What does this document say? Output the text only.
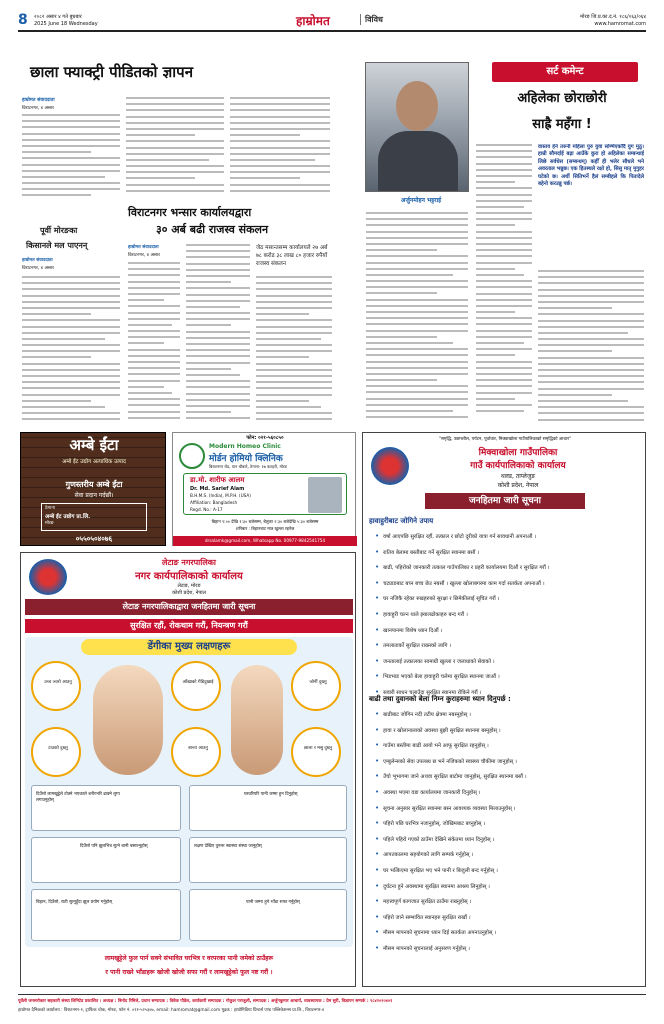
8 २०८२ असार ४ गते बुधबार
2025 June 18 Wednesday	हाम्रोमत	विविध	मोरङ जि.प्र.का.द.नं. १८६/०६३/०६४
www.hamromat.com
छाला फ्याक्ट्री पीडितको ज्ञापन
हाम्रोमत संवाददाता
विराटनगर, ४ असार
पूर्वी मोरङका
किसानले मल पाएनन्
हाम्रोमत संवाददाता
विराटनगर, ४ असार
विराटनगर भन्सार कार्यालयद्वारा
३० अर्ब बढी राजस्व संकलन
हाम्रोमत संवाददाता
विराटनगर, ४ असार
जेठ मसान्तसम्म कार्यालयले २७ अर्ब ७८ करोड ३८ लाख ८० हजार रुपैयाँ राजस्व संकलन
सर्ट कमेन्ट
अहिलेका छोराछोरी
साह्रै महँगा !
अर्जुनमोहन भट्टराई
वास्तव हेर्न तरुनी महिला पुरु युवा सम्भिएकाँदै युग मुठु। हाम्री सौमर्दाई बढ़ा आउँके कुरा हो अहिलेका सम्बन्धाई लिछे सर्वधेस (सम्बन्धम्) कहीँ ही भलेर सौधले भने अवरताल भन्नुछ। एक हितस्थले रक्षो हो, सिसु मातृ मुगुहर घटेको छ। अर्थी सितिभर्ने हैलं सम्बीहले कि पितादेले बहेनो करउन्नु पर्छ।
अम्बे ईंटा
अम्बे ईट उद्योग अत्याधिक उत्पाद
गुणस्तरीय अम्बे ईंटा
सेवा प्रदान गर्दछौं।
ठेगाना
अम्बे ईट उद्योग प्रा.लि.
मोरङ
०५५०५०४०७६
फोन: ०२१-५६०८५०
Modern Homeo Clinic
मोर्डन होमियो क्लिनिक
बिराटनगर रोड, यान चौबाटे, ठेगाना- १७ कटहरी, मोरङ
डा.मो. शारीफ आलम
Dr. Md. Sarief Alam
B.H.M.S. (India), M.P.H. (USA)
Affiliation: Bangladesh
Regd. No.: A-17
बिहान ९:०० देखि १:३० बजेसम्म, बेलुका २:३० बजेदेखि ५:३० बजेसम्म
शनिबार : बिहानबाट मात्र खुल्ला रहनेछ
drsalamk@gmail.com, Whatsapp No. 00977-9842541754
लेटाङ नगरपालिका
नगर कार्यपालिकाको कार्यालय
लेटाङ, मोरङ
कोशी प्रदेश, नेपाल
लेटाङ नगरपालिकाद्वारा जनहितमा जारी सूचना
सुरक्षित रहौं, रोकथाम गरौं, नियन्त्रण गरौं
डेंगीका मुख्य लक्षणहरू
उच्च ज्वरो आउनु	आँखाको गेडिदुखाई	जोर्नी दुख्नु
टाउको दुख्नु	बान्ता आउनु	छाला र मसु दुख्नु
दिउँसो लामखुट्टेले टोक्ने भएकाले शरीरभरि ढाक्ने लुगा लगाउनुहोस्
घरवरिपरि पानी जम्मा हुन दिनुहोस्
दिउँसो पनि झुलभित्र सुत्ने बानी बसाल्नुहोस्	लक्षण देखिए तुरुन्त स्वास्थ्य संस्था जानुहोस्
बिहान, दिउँसो, राती सुत्नुहुँदा झुल प्रयोग गर्नुहोस्	पानी जम्मा हुने भाँडा सफा गर्नुहोस्
लामखुट्टेले फुल पार्न सक्ने संभावित घरभित्र र वरपरका पानी जमेको ठाउँहरू
र पानी राख्ने भाँडाहरू खोजी खोजी सफा गरौं र लामखुट्टेको फुल नष्ट गरौं ।
"समृद्धि, उद्यमशील, पर्यटन, पूर्वाधार, मिक्वाखोला गाउँपालिकाको समृद्धिको आधार"
मिक्वाखोला गाउँपालिका
गाउँ कार्यपालिकाको कार्यालय
थलड, ताप्लेजुङ
कोशी प्रदेश, नेपाल
जनहितमा जारी सूचना
हावाहुरीबाट जोगिने उपाय
• वर्षा आएपछि सुरक्षित रहौं, तत्काल र छोटो दूरीको यात्रा गर्न सावधानी अपनाऔं ।
• रातिय बेलामा बस्तीबाट गर्ने सुरक्षित स्थानमा बसौं ।
• बाढी, पहिरोको जानकारी तत्काल गाउँपालिका र प्रहरी कार्यालयमा दिऔं र सुरक्षित गरौं ।
• चट्याङबाट बच्न बच्च छेउ नबसौं । खुल्ला खोलाबगरमा काम गर्दा सतर्कता अपनाऔं ।
• घर नजिकै रहेका रुखहरुको सुरक्षा र छिमेकीलाई सूचित गरौं ।
• हावाहुरी चल्न थाले झ्यालढोकाहरु बन्द गरौं ।
• खानपानमा विशेष ध्यान दिऔं ।
• तमलातार्को सुरक्षित राख्नको लागि ।
• जनतालाई तत्कालका सामाग्री खुल्ला र जलाधाको सेवाको ।
• भिडभाड भएको बेला हावाहुरी चलेमा सुरक्षित स्थानमा जाऔं ।
• सवारी साधन चलाउँदा सुरक्षित स्थानमा रोकिने गरौं ।
बाढी तथा दुवानको बेला निम्न कुराहरुमा ध्यान दिनुपर्छ :
• बाढीबाट जोगिन नदी तटीय क्षेत्रमा नबस्नुहोस् ।
• हावा र खोलानालाको अवस्था बुझी सुरक्षित स्थानमा बस्नुहोस् ।
• गाउँमा बस्तीमा बाढी आयो भने आफू सुरक्षित रहनुहोस् ।
• एम्बुलेन्सको सेवा उपलब्ध छ भने नजिकको स्वास्थ्य चौकीमा जानुहोस् ।
• उँचो भूभागमा जाने अथवा सुरक्षित बाटोमा जानुहोस्, सुरक्षित स्थानमा बसौं ।
• अवस्था भएमा वडा कार्यालयमा जानकारी दिनुहोस् ।
• सूचना अनुसार सुरक्षित स्थानमा बस्न आवश्यक व्यवस्था मिलाउनुहोस् ।
• पहिरो पछि घरभित्र नजानुहोस्, जोखिमबाट बच्नुहोस् ।
• पहिले पहिरो गएको ठाउँमा देखिने संकेतमा ध्यान दिनुहोस् ।
• आपतकालमा सहयोगको लागि सम्पर्क गर्नुहोस् ।
• घर भत्किएमा सुरक्षित भए भने पानी र बिजुली बन्द गर्नुहोस् ।
• दुर्घटना हुने अवस्थामा सुरक्षित स्थानमा आश्रय लिनुहोस् ।
• महत्त्वपूर्ण कागजात सुरक्षित ठाउँमा राख्नुहोस् ।
• पहिरो जाने सम्भावित स्थानहरु सुरक्षित राखौं ।
• मौसम मापनको सूचनामा ध्यान दिई सतर्कता अपनाउनुहोस् ।
• मौसम मापनको सूचनालाई अनुसरण गर्नुहोस् ।
पूर्वेली जनसरोकार सहकारी संस्था लिमिटेड प्रकाशित । अध्यक्ष : बिनोद रिमिले, प्रधान सम्पादक : विवेक पौडेल, कार्यकारी सम्पादक : गोकुल पराजुली, सम्पादक : अर्जुनकुमार आचार्य, व्यवस्थापक : प्रेम सुरी, विज्ञापन सम्पर्क : ९८४२०२०४०१
हाम्रोमत दैनिकको कार्यालय : विराटनगर-१, ट्राफिक चोक, मोरङ, फोन नं. ०२१-५२५३०७, email: hamromat@gmail.com मुद्रक : हाम्रोमिडिया प्रिन्टर्स एण्ड पब्लिकेशन्स प्रा.लि., विराटनगर-४
